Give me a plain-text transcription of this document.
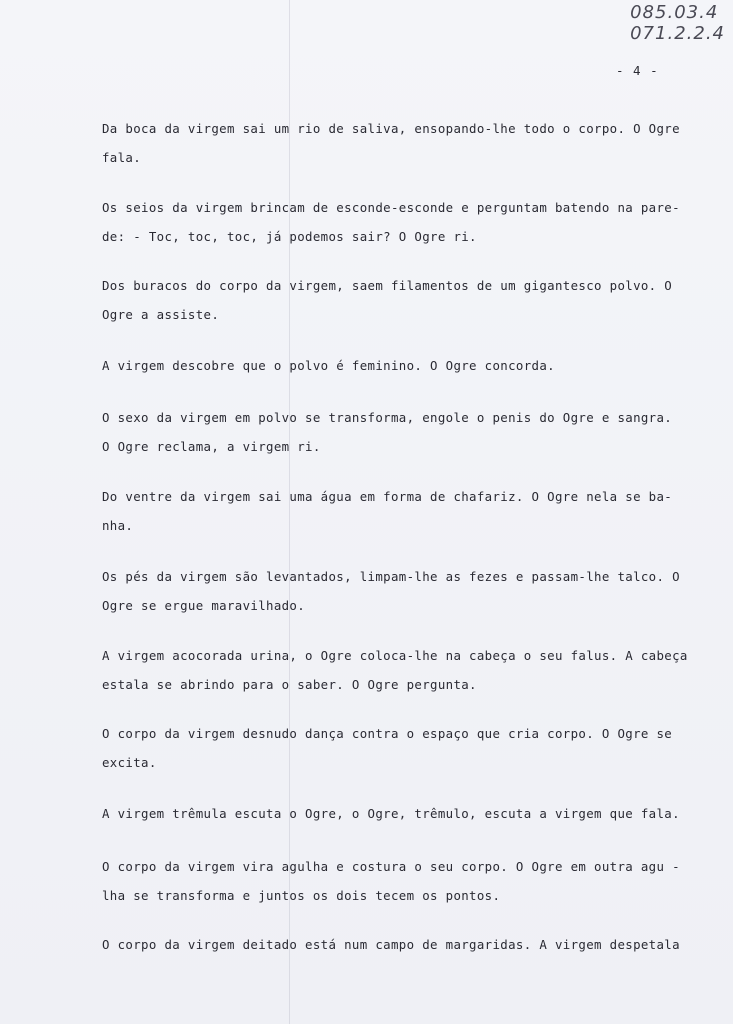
085.03.4
071.2.2.4
- 4 -
Da boca da virgem sai um rio de saliva, ensopando-lhe todo o corpo. O Ogre
fala.
Os seios da virgem brincam de esconde-esconde e perguntam batendo na pare-
de: - Toc, toc, toc, já podemos sair? O Ogre ri.
Dos buracos do corpo da virgem, saem filamentos de um gigantesco polvo. O
Ogre a assiste.
A virgem descobre que o polvo é feminino. O Ogre concorda.
O sexo da virgem em polvo se transforma, engole o penis do Ogre e sangra.
O Ogre reclama, a virgem ri.
Do ventre da virgem sai uma água em forma de chafariz. O Ogre nela se ba-
nha.
Os pés da virgem são levantados, limpam-lhe as fezes e passam-lhe talco. O
Ogre se ergue maravilhado.
A virgem acocorada urina, o Ogre coloca-lhe na cabeça o seu falus. A cabeça
estala se abrindo para o saber. O Ogre pergunta.
O corpo da virgem desnudo dança contra o espaço que cria corpo. O Ogre se
excita.
A virgem trêmula escuta o Ogre, o Ogre, trêmulo, escuta a virgem que fala.
O corpo da virgem vira agulha e costura o seu corpo. O Ogre em outra agu -
lha se transforma e juntos os dois tecem os pontos.
O corpo da virgem deitado está num campo de margaridas. A virgem despetala
